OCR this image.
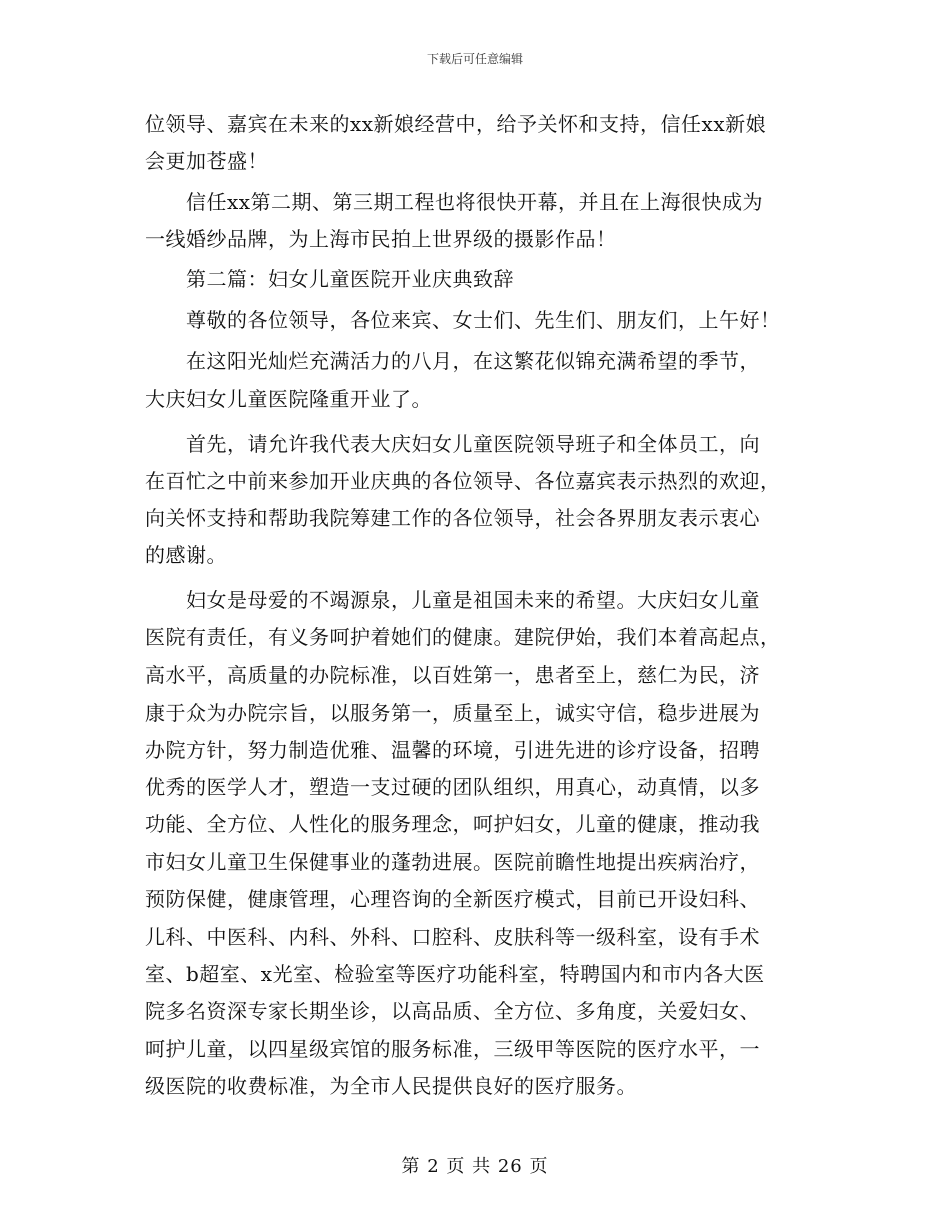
下载后可任意编辑
位领导、嘉宾在未来的xx新娘经营中，给予关怀和支持，信任xx新娘
会更加苍盛！
　　信任xx第二期、第三期工程也将很快开幕，并且在上海很快成为
一线婚纱品牌，为上海市民拍上世界级的摄影作品！
　　第二篇：妇女儿童医院开业庆典致辞
　　尊敬的各位领导，各位来宾、女士们、先生们、朋友们，上午好！
　　在这阳光灿烂充满活力的八月，在这繁花似锦充满希望的季节，
大庆妇女儿童医院隆重开业了。
　　首先，请允许我代表大庆妇女儿童医院领导班子和全体员工，向
在百忙之中前来参加开业庆典的各位领导、各位嘉宾表示热烈的欢迎，
向关怀支持和帮助我院筹建工作的各位领导，社会各界朋友表示衷心
的感谢。
　　妇女是母爱的不竭源泉，儿童是祖国未来的希望。大庆妇女儿童
医院有责任，有义务呵护着她们的健康。建院伊始，我们本着高起点，
高水平，高质量的办院标准，以百姓第一，患者至上，慈仁为民，济
康于众为办院宗旨，以服务第一，质量至上，诚实守信，稳步进展为
办院方针，努力制造优雅、温馨的环境，引进先进的诊疗设备，招聘
优秀的医学人才，塑造一支过硬的团队组织，用真心，动真情，以多
功能、全方位、人性化的服务理念，呵护妇女，儿童的健康，推动我
市妇女儿童卫生保健事业的蓬勃进展。医院前瞻性地提出疾病治疗，
预防保健，健康管理，心理咨询的全新医疗模式，目前已开设妇科、
儿科、中医科、内科、外科、口腔科、皮肤科等一级科室，设有手术
室、b超室、x光室、检验室等医疗功能科室，特聘国内和市内各大医
院多名资深专家长期坐诊，以高品质、全方位、多角度，关爱妇女、
呵护儿童，以四星级宾馆的服务标准，三级甲等医院的医疗水平，一
级医院的收费标准，为全市人民提供良好的医疗服务。
第 2 页 共 26 页
